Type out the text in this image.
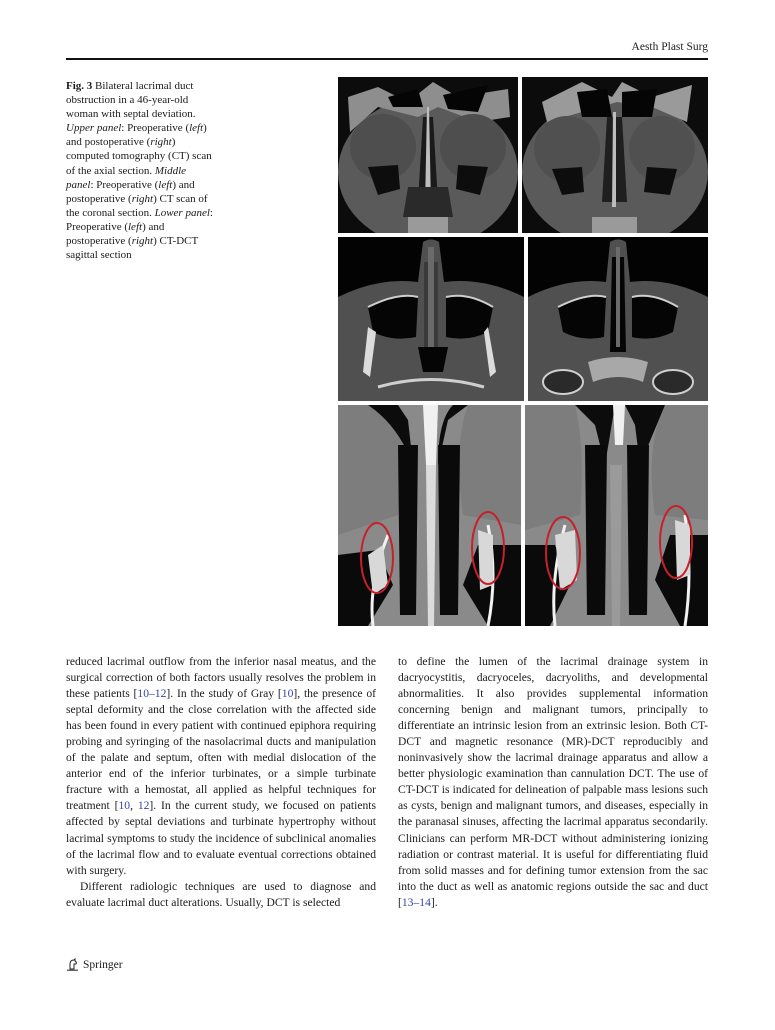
Aesth Plast Surg
Fig. 3 Bilateral lacrimal duct obstruction in a 46-year-old woman with septal deviation. Upper panel: Preoperative (left) and postoperative (right) computed tomography (CT) scan of the axial section. Middle panel: Preoperative (left) and postoperative (right) CT scan of the coronal section. Lower panel: Preoperative (left) and postoperative (right) CT-DCT sagittal section

reduced lacrimal outflow from the inferior nasal meatus, and the surgical correction of both factors usually resolves the problem in these patients [10–12]. In the study of Gray [10], the presence of septal deformity and the close correlation with the affected side has been found in every patient with continued epiphora requiring probing and syringing of the nasolacrimal ducts and manipulation of the palate and septum, often with medial dislocation of the anterior end of the inferior turbinates, or a simple turbinate fracture with a hemostat, all applied as helpful techniques for treatment [10, 12]. In the current study, we focused on patients affected by septal deviations and turbinate hypertrophy without lacrimal symptoms to study the incidence of subclinical anomalies of the lacrimal flow and to evaluate eventual corrections obtained with surgery.

Different radiologic techniques are used to diagnose and evaluate lacrimal duct alterations. Usually, DCT is selected

to define the lumen of the lacrimal drainage system in dacryocystitis, dacryoceles, dacryoliths, and developmental abnormalities. It also provides supplemental information concerning benign and malignant tumors, principally to differentiate an intrinsic lesion from an extrinsic lesion. Both CT-DCT and magnetic resonance (MR)-DCT reproducibly and noninvasively show the lacrimal drainage apparatus and allow a better physiologic examination than cannulation DCT. The use of CT-DCT is indicated for delineation of palpable mass lesions such as cysts, benign and malignant tumors, and diseases, especially in the paranasal sinuses, affecting the lacrimal apparatus secondarily. Clinicians can perform MR-DCT without administering ionizing radiation or contrast material. It is useful for differentiating fluid from solid masses and for defining tumor extension from the sac into the duct as well as anatomic regions outside the sac and duct [13–14].

Springer
